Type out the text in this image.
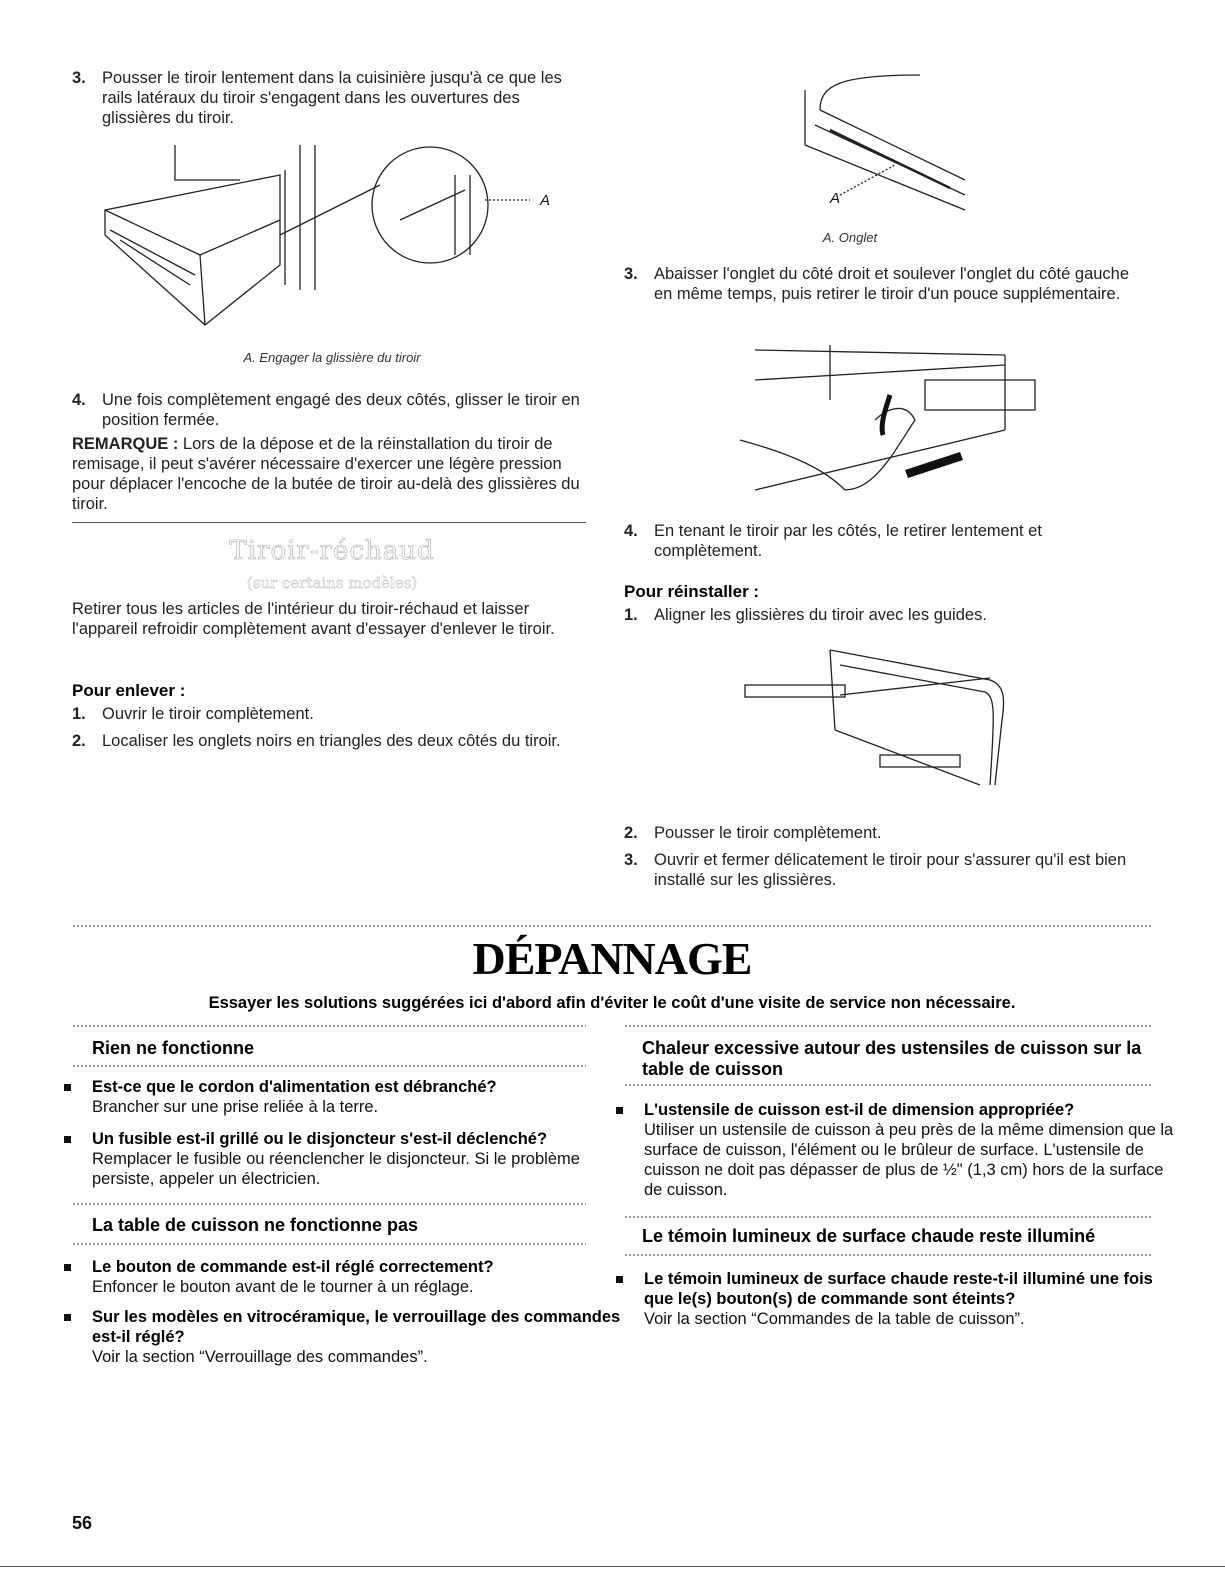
3. Pousser le tiroir lentement dans la cuisinière jusqu'à ce que les rails latéraux du tiroir s'engagent dans les ouvertures des glissières du tiroir.
A
A. Engager la glissière du tiroir
4. Une fois complètement engagé des deux côtés, glisser le tiroir en position fermée.
REMARQUE : Lors de la dépose et de la réinstallation du tiroir de remisage, il peut s'avérer nécessaire d'exercer une légère pression pour déplacer l'encoche de la butée de tiroir au-delà des glissières du tiroir.
Tiroir-réchaud
(sur certains modèles)
Retirer tous les articles de l'intérieur du tiroir-réchaud et laisser l'appareil refroidir complètement avant d'essayer d'enlever le tiroir.
Pour enlever :
1. Ouvrir le tiroir complètement.
2. Localiser les onglets noirs en triangles des deux côtés du tiroir.
A
A. Onglet
3. Abaisser l'onglet du côté droit et soulever l'onglet du côté gauche en même temps, puis retirer le tiroir d'un pouce supplémentaire.
4. En tenant le tiroir par les côtés, le retirer lentement et complètement.
Pour réinstaller :
1. Aligner les glissières du tiroir avec les guides.
2. Pousser le tiroir complètement.
3. Ouvrir et fermer délicatement le tiroir pour s'assurer qu'il est bien installé sur les glissières.
DÉPANNAGE
Essayer les solutions suggérées ici d'abord afin d'éviter le coût d'une visite de service non nécessaire.
Rien ne fonctionne
Est-ce que le cordon d'alimentation est débranché?
Brancher sur une prise reliée à la terre.
Un fusible est-il grillé ou le disjoncteur s'est-il déclenché?
Remplacer le fusible ou réenclencher le disjoncteur. Si le problème persiste, appeler un électricien.
La table de cuisson ne fonctionne pas
Le bouton de commande est-il réglé correctement?
Enfoncer le bouton avant de le tourner à un réglage.
Sur les modèles en vitrocéramique, le verrouillage des commandes est-il réglé?
Voir la section “Verrouillage des commandes”.
Chaleur excessive autour des ustensiles de cuisson sur la table de cuisson
L'ustensile de cuisson est-il de dimension appropriée?
Utiliser un ustensile de cuisson à peu près de la même dimension que la surface de cuisson, l'élément ou le brûleur de surface. L'ustensile de cuisson ne doit pas dépasser de plus de ½" (1,3 cm) hors de la surface de cuisson.
Le témoin lumineux de surface chaude reste illuminé
Le témoin lumineux de surface chaude reste-t-il illuminé une fois que le(s) bouton(s) de commande sont éteints?
Voir la section “Commandes de la table de cuisson”.
56
